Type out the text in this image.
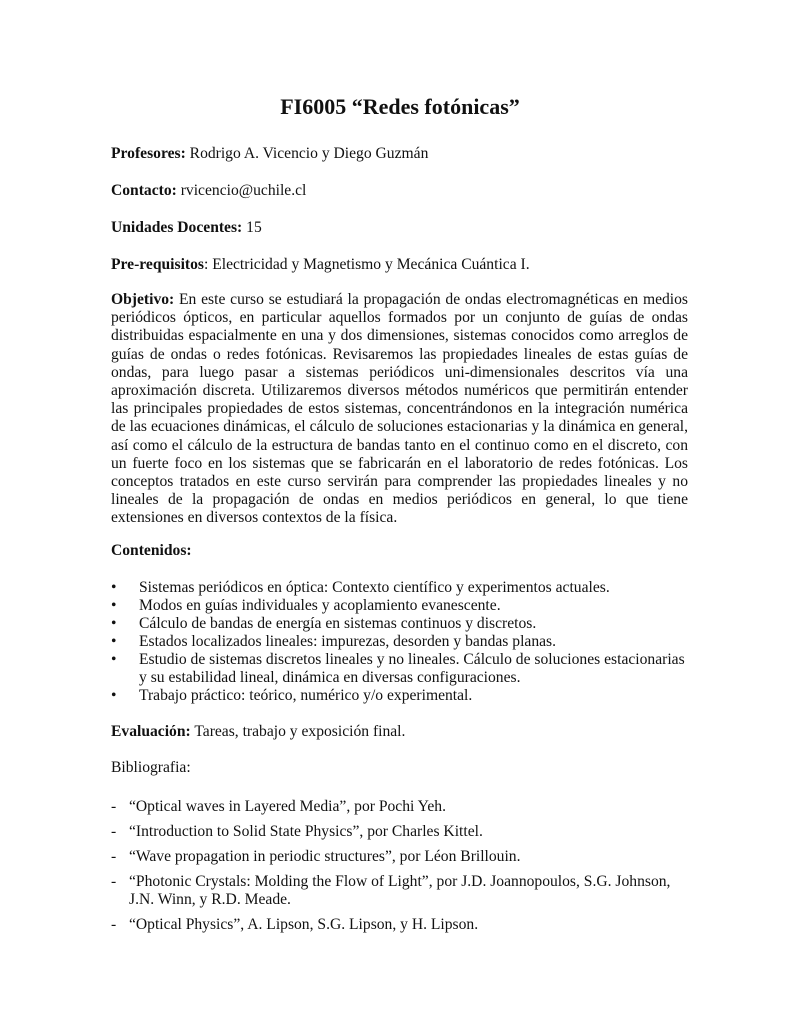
FI6005 “Redes fotónicas”
Profesores: Rodrigo A. Vicencio y Diego Guzmán
Contacto: rvicencio@uchile.cl
Unidades Docentes: 15
Pre-requisitos: Electricidad y Magnetismo y Mecánica Cuántica I.
Objetivo: En este curso se estudiará la propagación de ondas electromagnéticas en medios periódicos ópticos, en particular aquellos formados por un conjunto de guías de ondas distribuidas espacialmente en una y dos dimensiones, sistemas conocidos como arreglos de guías de ondas o redes fotónicas. Revisaremos las propiedades lineales de estas guías de ondas, para luego pasar a sistemas periódicos uni-dimensionales descritos vía una aproximación discreta. Utilizaremos diversos métodos numéricos que permitirán entender las principales propiedades de estos sistemas, concentrándonos en la integración numérica de las ecuaciones dinámicas, el cálculo de soluciones estacionarias y la dinámica en general, así como el cálculo de la estructura de bandas tanto en el continuo como en el discreto, con un fuerte foco en los sistemas que se fabricarán en el laboratorio de redes fotónicas. Los conceptos tratados en este curso servirán para comprender las propiedades lineales y no lineales de la propagación de ondas en medios periódicos en general, lo que tiene extensiones en diversos contextos de la física.
Contenidos:
• Sistemas periódicos en óptica: Contexto científico y experimentos actuales.
• Modos en guías individuales y acoplamiento evanescente.
• Cálculo de bandas de energía en sistemas continuos y discretos.
• Estados localizados lineales: impurezas, desorden y bandas planas.
• Estudio de sistemas discretos lineales y no lineales. Cálculo de soluciones estacionarias y su estabilidad lineal, dinámica en diversas configuraciones.
• Trabajo práctico: teórico, numérico y/o experimental.
Evaluación: Tareas, trabajo y exposición final.
Bibliografia:
- “Optical waves in Layered Media”, por Pochi Yeh.
- “Introduction to Solid State Physics”, por Charles Kittel.
- “Wave propagation in periodic structures”, por Léon Brillouin.
- “Photonic Crystals: Molding the Flow of Light”, por J.D. Joannopoulos, S.G. Johnson, J.N. Winn, y R.D. Meade.
- “Optical Physics”, A. Lipson, S.G. Lipson, y H. Lipson.
